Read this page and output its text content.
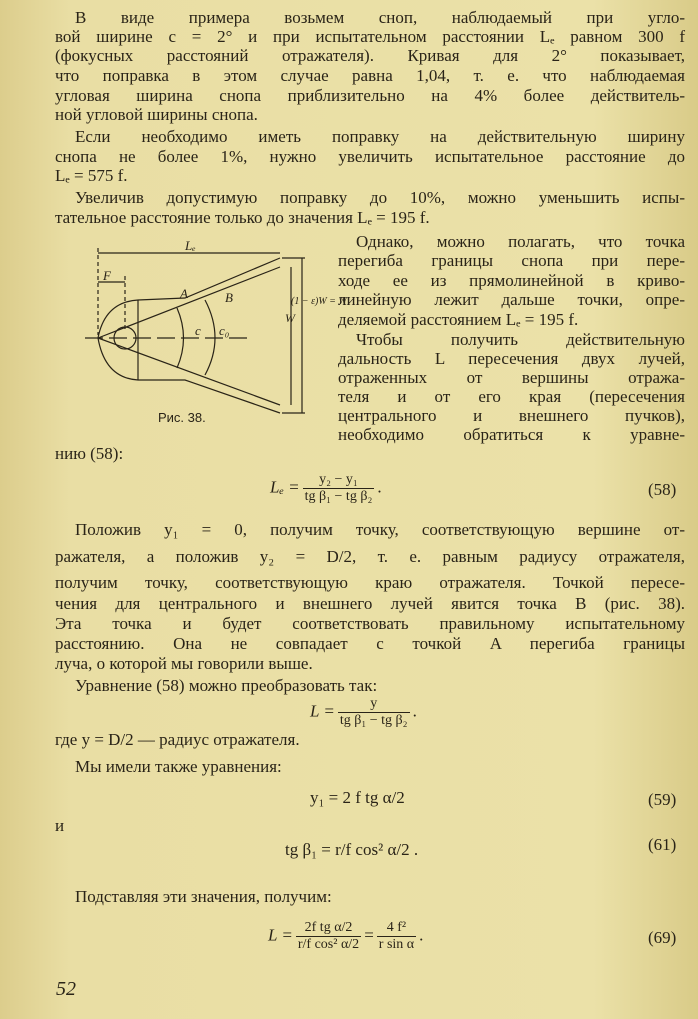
В виде примера возьмем сноп, наблюдаемый при угло-
вой ширине c = 2° и при испытательном расстоянии Lₑ равном 300 f
(фокусных расстояний отражателя). Кривая для 2° показывает,
что поправка в этом случае равна 1,04, т. е. что наблюдаемая
угловая ширина снопа приблизительно на 4% более действитель-
ной угловой ширины снопа.
Если необходимо иметь поправку на действительную ширину
снопа не более 1%, нужно увеличить испытательное расстояние до
Lₑ = 575 f.
Увеличив допустимую поправку до 10%, можно уменьшить испы-
тательное расстояние только до значения Lₑ = 195 f.
Lₑ
F
A	B
c c₀
W
(1 − ε)W = W′
Рис. 38.
Однако, можно полагать, что точка
перегиба границы снопа при пере-
ходе ее из прямолинейной в криво-
линейную лежит дальше точки, опре-
деляемой расстоянием Lₑ = 195 f.
Чтобы получить действительную
дальность L пересечения двух лучей,
отраженных от вершины отража-
теля и от его края (пересечения
центрального и внешнего пучков),
необходимо обратиться к уравне-
нию (58):
$L_e = \frac{\text{y₂ − y₁}}{\text{tg β₁ − tg β₂}}$ .	(58)
Положив y₁ = 0, получим точку, соответствующую вершине от-
ражателя, а положив y₂ = D/2, т. е. равным радиусу отражателя,
получим точку, соответствующую краю отражателя. Точкой пересе-
чения для центрального и внешнего лучей явится точка B (рис. 38).
Эта точка и будет соответствовать правильному испытательному
расстоянию. Она не совпадает с точкой A перегиба границы
луча, о которой мы говорили выше.
Уравнение (58) можно преобразовать так:
$L = \frac{y}{\text{tg β₁ − tg β₂}}$ .
где y = D/2 — радиус отражателя.
Мы имели также уравнения:
y₁ = 2 f tg α/2	(59)
и
tg β₁ = r/f cos² α/2 .	(61)
Подставляя эти значения, получим:
$L = \frac{\text{2f tg α/2}}{\text{r/f cos² α/2}} = \frac{\text{4 f²}}{\text{r sin α}}$ .	(69)
52
